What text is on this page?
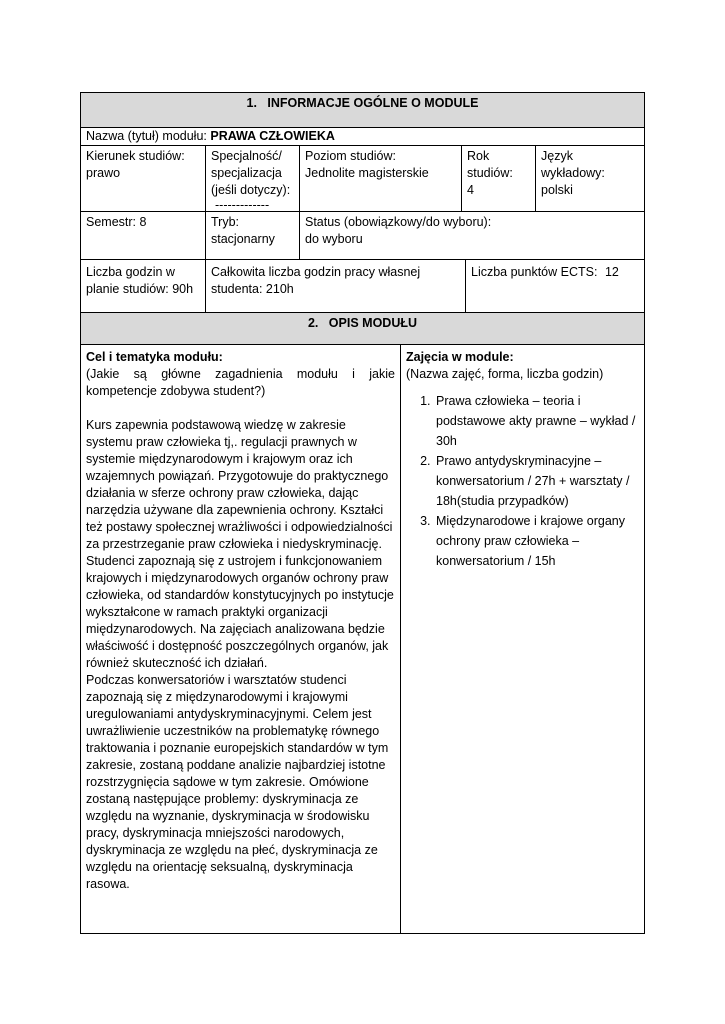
1.   INFORMACJE OGÓLNE O MODULE
Nazwa (tytuł) modułu: PRAWA CZŁOWIEKA
Kierunek studiów:
prawo
Specjalność/
specjalizacja
(jeśli dotyczy):
-------------
Poziom studiów:
Jednolite magisterskie
Rok
studiów:
4
Język wykładowy:
polski
Semestr: 8	Tryb:
stacjonarny
Status (obowiązkowy/do wyboru):
do wyboru
Liczba godzin w
planie studiów: 90h
Całkowita liczba godzin pracy własnej
studenta: 210h
Liczba punktów ECTS: 12
2.   OPIS MODUŁU
Cel i tematyka modułu:
(Jakie są główne zagadnienia modułu i jakie kompetencje zdobywa student?)

Kurs zapewnia podstawową wiedzę w zakresie systemu praw człowieka tj,. regulacji prawnych w systemie międzynarodowym i krajowym oraz ich wzajemnych powiązań. Przygotowuje do praktycznego działania w sferze ochrony praw człowieka, dając narzędzia używane dla zapewnienia ochrony. Kształci też postawy społecznej wrażliwości i odpowiedzialności za przestrzeganie praw człowieka i niedyskryminację. Studenci zapoznają się z ustrojem i funkcjonowaniem krajowych i międzynarodowych organów ochrony praw człowieka, od standardów konstytucyjnych po instytucje wykształcone w ramach praktyki organizacji międzynarodowych. Na zajęciach analizowana będzie właściwość i dostępność poszczególnych organów, jak również skuteczność ich działań.

Podczas konwersatoriów i warsztatów studenci zapoznają się z międzynarodowymi i krajowymi uregulowaniami antydyskryminacyjnymi. Celem jest uwrażliwienie uczestników na problematykę równego traktowania i poznanie europejskich standardów w tym zakresie, zostaną poddane analizie najbardziej istotne rozstrzygnięcia sądowe w tym zakresie. Omówione zostaną następujące problemy: dyskryminacja ze względu na wyznanie, dyskryminacja w środowisku pracy, dyskryminacja mniejszości narodowych, dyskryminacja ze względu na płeć, dyskryminacja ze względu na orientację seksualną, dyskryminacja rasowa.

Zajęcia w module:
(Nazwa zajęć, forma, liczba godzin)
1. Prawa człowieka – teoria i podstawowe akty prawne – wykład / 30h
2. Prawo antydyskryminacyjne – konwersatorium / 27h + warsztaty / 18h(studia przypadków)
3. Międzynarodowe i krajowe organy ochrony praw człowieka – konwersatorium / 15h
